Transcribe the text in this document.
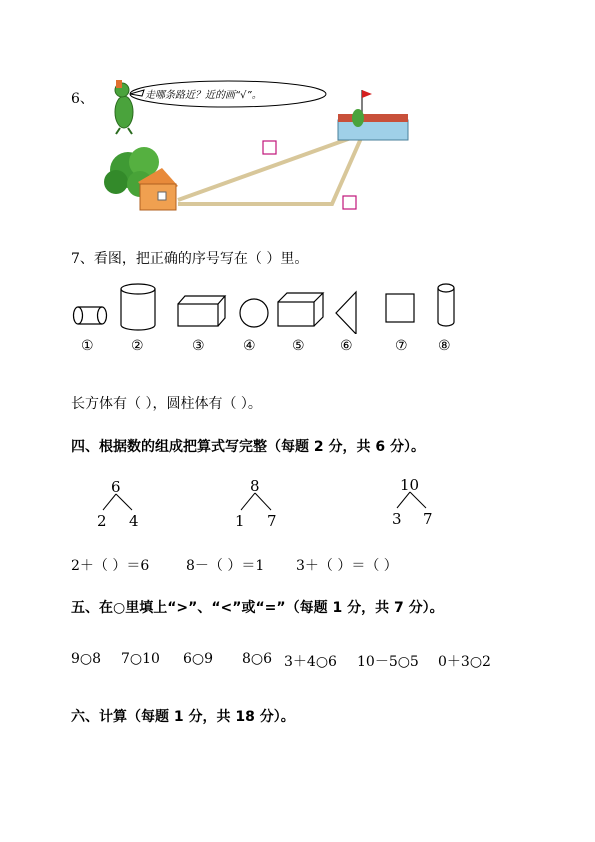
6、	走哪条路近？近的画“√”。
7、看图，把正确的序号写在（ ）里。
①	②	③	④	⑤	⑥	⑦ ⑧
长方体有（ ），圆柱体有（ ）。
四、根据数的组成把算式写完整（每题 2 分，共 6 分）。
6
2 4
8
1 7
10
3 7
2＋（ ）＝6	8－（ ）＝1 3＋（ ）＝（ ）
五、在○里填上“>”、“<”或“=”（每题 1 分，共 7 分）。
9○8 7○10 6○9 8○6 3＋4○6 10－5○5 0＋3○2
六、计算（每题 1 分，共 18 分）。
